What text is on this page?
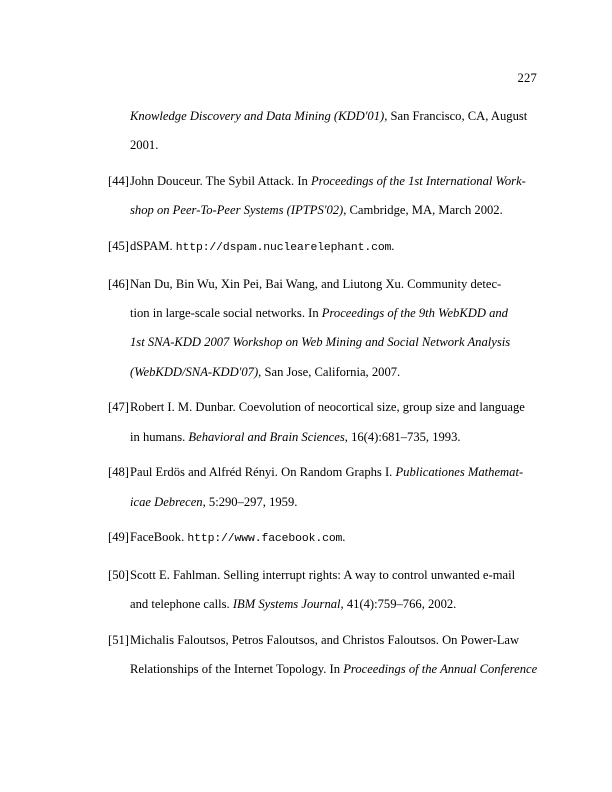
227
Knowledge Discovery and Data Mining (KDD'01), San Francisco, CA, August
2001.
[44] John Douceur. The Sybil Attack. In Proceedings of the 1st International Work-
shop on Peer-To-Peer Systems (IPTPS'02), Cambridge, MA, March 2002.
[45] dSPAM. http://dspam.nuclearelephant.com.
[46] Nan Du, Bin Wu, Xin Pei, Bai Wang, and Liutong Xu. Community detec-
tion in large-scale social networks. In Proceedings of the 9th WebKDD and
1st SNA-KDD 2007 Workshop on Web Mining and Social Network Analysis
(WebKDD/SNA-KDD'07), San Jose, California, 2007.
[47] Robert I. M. Dunbar. Coevolution of neocortical size, group size and language
in humans. Behavioral and Brain Sciences, 16(4):681–735, 1993.
[48] Paul Erdös and Alfréd Rényi. On Random Graphs I. Publicationes Mathemat-
icae Debrecen, 5:290–297, 1959.
[49] FaceBook. http://www.facebook.com.
[50] Scott E. Fahlman. Selling interrupt rights: A way to control unwanted e-mail
and telephone calls. IBM Systems Journal, 41(4):759–766, 2002.
[51] Michalis Faloutsos, Petros Faloutsos, and Christos Faloutsos. On Power-Law
Relationships of the Internet Topology. In Proceedings of the Annual Conference
